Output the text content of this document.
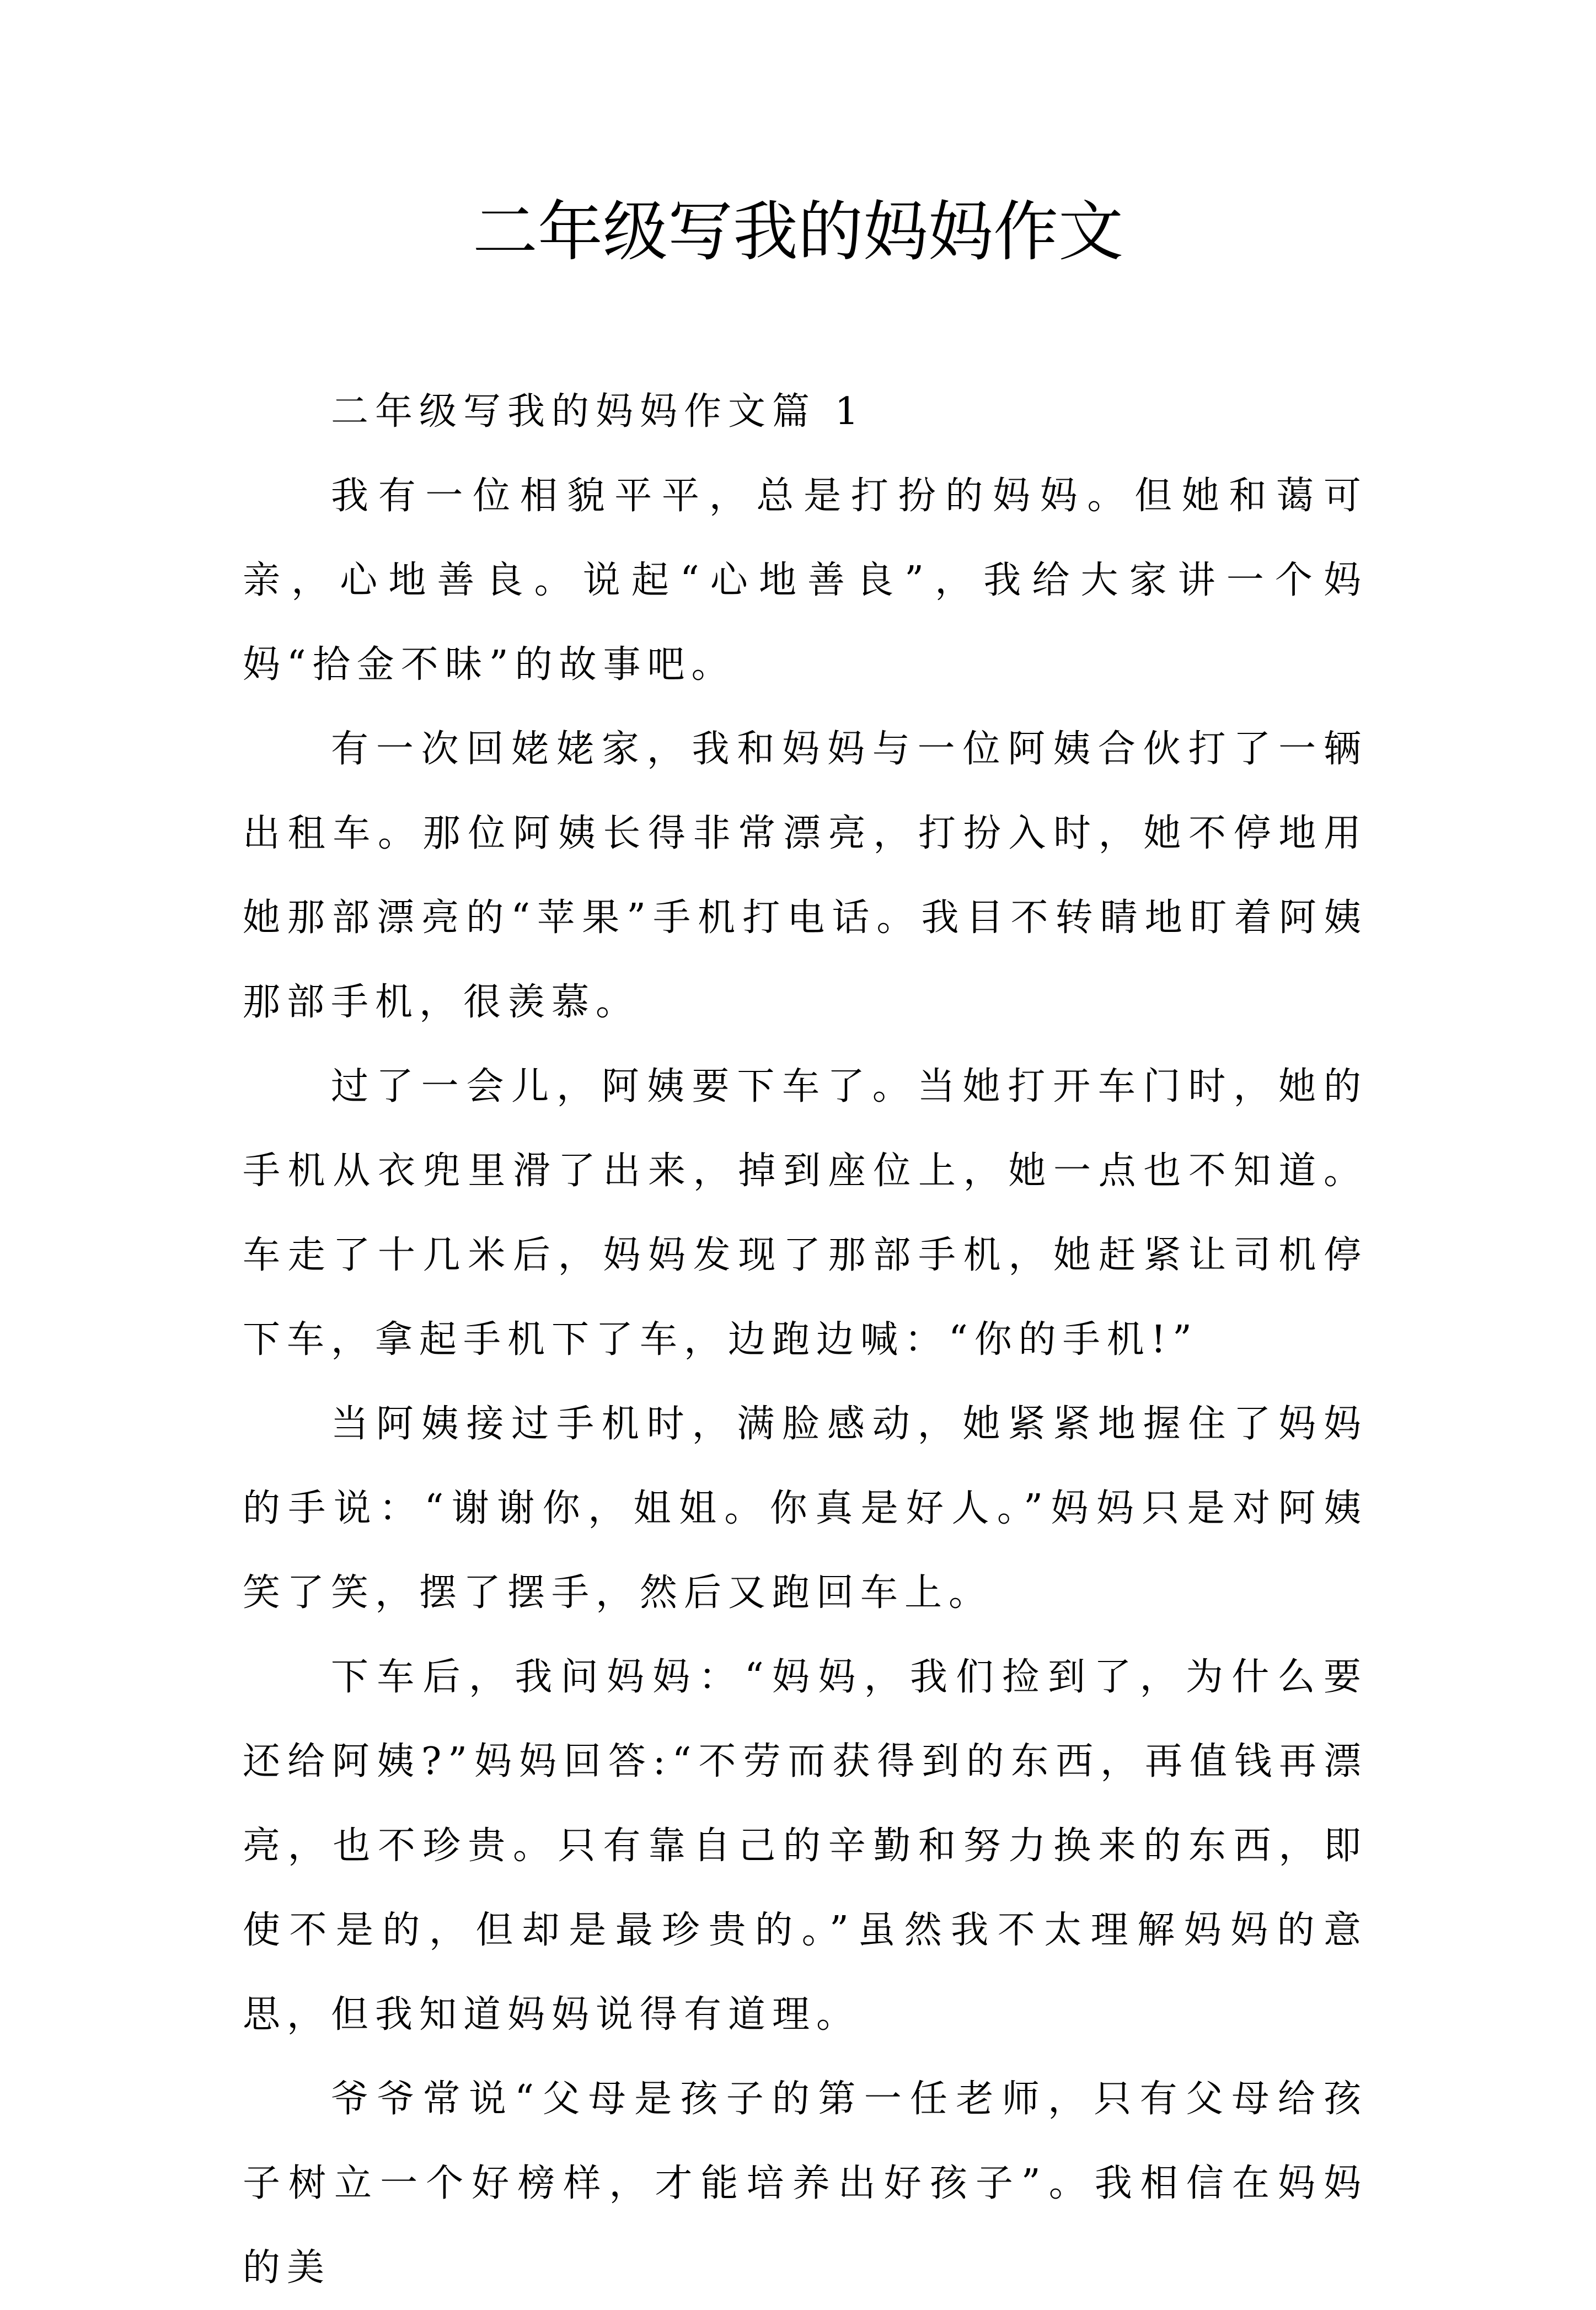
二年级写我的妈妈作文

二年级写我的妈妈作文篇 1

我有一位相貌平平，总是打扮的妈妈。但她和蔼可亲，心地善良。说起“心地善良”，我给大家讲一个妈妈“拾金不昧”的故事吧。

有一次回姥姥家，我和妈妈与一位阿姨合伙打了一辆出租车。那位阿姨长得非常漂亮，打扮入时，她不停地用她那部漂亮的“苹果”手机打电话。我目不转睛地盯着阿姨那部手机，很羡慕。

过了一会儿，阿姨要下车了。当她打开车门时，她的手机从衣兜里滑了出来，掉到座位上，她一点也不知道。车走了十几米后，妈妈发现了那部手机，她赶紧让司机停下车，拿起手机下了车，边跑边喊：“你的手机!”

当阿姨接过手机时，满脸感动，她紧紧地握住了妈妈的手说：“谢谢你，姐姐。你真是好人。”妈妈只是对阿姨笑了笑，摆了摆手，然后又跑回车上。

下车后，我问妈妈：“妈妈，我们捡到了，为什么要还给阿姨?”妈妈回答:“不劳而获得到的东西，再值钱再漂亮，也不珍贵。只有靠自己的辛勤和努力换来的东西，即使不是的，但却是最珍贵的。”虽然我不太理解妈妈的意思，但我知道妈妈说得有道理。

爷爷常说“父母是孩子的第一任老师，只有父母给孩子树立一个好榜样，才能培养出好孩子”。我相信在妈妈的美
